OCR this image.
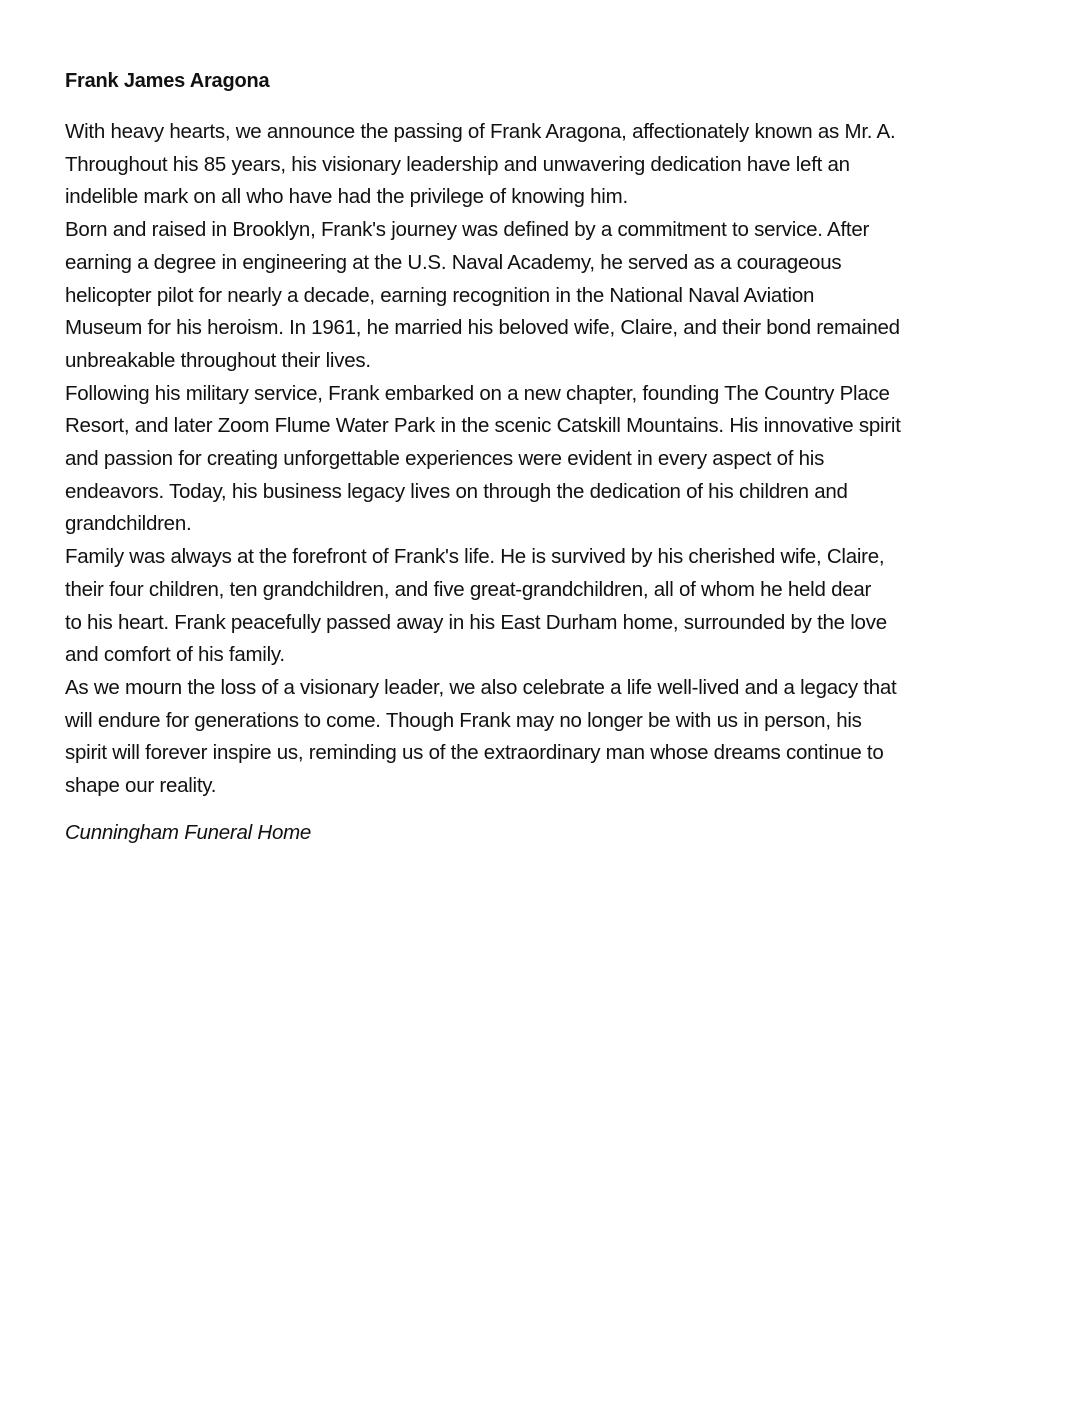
Frank James Aragona

With heavy hearts, we announce the passing of Frank Aragona, affectionately known as Mr. A.
Throughout his 85 years, his visionary leadership and unwavering dedication have left an
indelible mark on all who have had the privilege of knowing him.

Born and raised in Brooklyn, Frank's journey was defined by a commitment to service. After
earning a degree in engineering at the U.S. Naval Academy, he served as a courageous
helicopter pilot for nearly a decade, earning recognition in the National Naval Aviation
Museum for his heroism. In 1961, he married his beloved wife, Claire, and their bond remained
unbreakable throughout their lives.

Following his military service, Frank embarked on a new chapter, founding The Country Place
Resort, and later Zoom Flume Water Park in the scenic Catskill Mountains. His innovative spirit
and passion for creating unforgettable experiences were evident in every aspect of his
endeavors. Today, his business legacy lives on through the dedication of his children and
grandchildren.

Family was always at the forefront of Frank's life. He is survived by his cherished wife, Claire,
their four children, ten grandchildren, and five great-grandchildren, all of whom he held dear
to his heart. Frank peacefully passed away in his East Durham home, surrounded by the love
and comfort of his family.

As we mourn the loss of a visionary leader, we also celebrate a life well-lived and a legacy that
will endure for generations to come. Though Frank may no longer be with us in person, his
spirit will forever inspire us, reminding us of the extraordinary man whose dreams continue to
shape our reality.

Cunningham Funeral Home
